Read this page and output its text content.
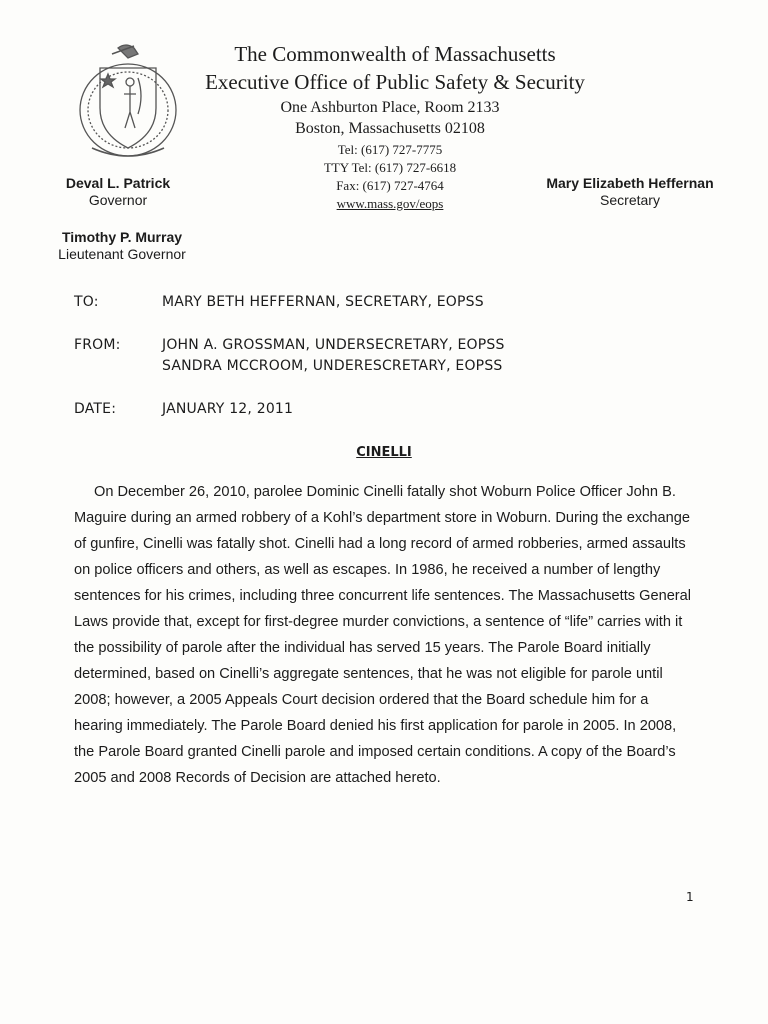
The Commonwealth of Massachusetts
Executive Office of Public Safety & Security
One Ashburton Place, Room 2133
Boston, Massachusetts 02108
Tel: (617) 727-7775
TTY Tel: (617) 727-6618
Fax: (617) 727-4764
www.mass.gov/eops
Deval L. Patrick
Governor
Timothy P. Murray
Lieutenant Governor
Mary Elizabeth Heffernan
Secretary
TO:	MARY BETH HEFFERNAN, SECRETARY, EOPSS
FROM:	JOHN A. GROSSMAN, UNDERSECRETARY, EOPSS
SANDRA MCCROOM, UNDERESCRETARY, EOPSS
DATE:	JANUARY 12, 2011
CINELLI

On December 26, 2010, parolee Dominic Cinelli fatally shot Woburn Police Officer John B. Maguire during an armed robbery of a Kohl’s department store in Woburn. During the exchange of gunfire, Cinelli was fatally shot. Cinelli had a long record of armed robberies, armed assaults on police officers and others, as well as escapes. In 1986, he received a number of lengthy sentences for his crimes, including three concurrent life sentences. The Massachusetts General Laws provide that, except for first-degree murder convictions, a sentence of “life” carries with it the possibility of parole after the individual has served 15 years. The Parole Board initially determined, based on Cinelli’s aggregate sentences, that he was not eligible for parole until 2008; however, a 2005 Appeals Court decision ordered that the Board schedule him for a hearing immediately. The Parole Board denied his first application for parole in 2005. In 2008, the Parole Board granted Cinelli parole and imposed certain conditions. A copy of the Board’s 2005 and 2008 Records of Decision are attached hereto.

1
